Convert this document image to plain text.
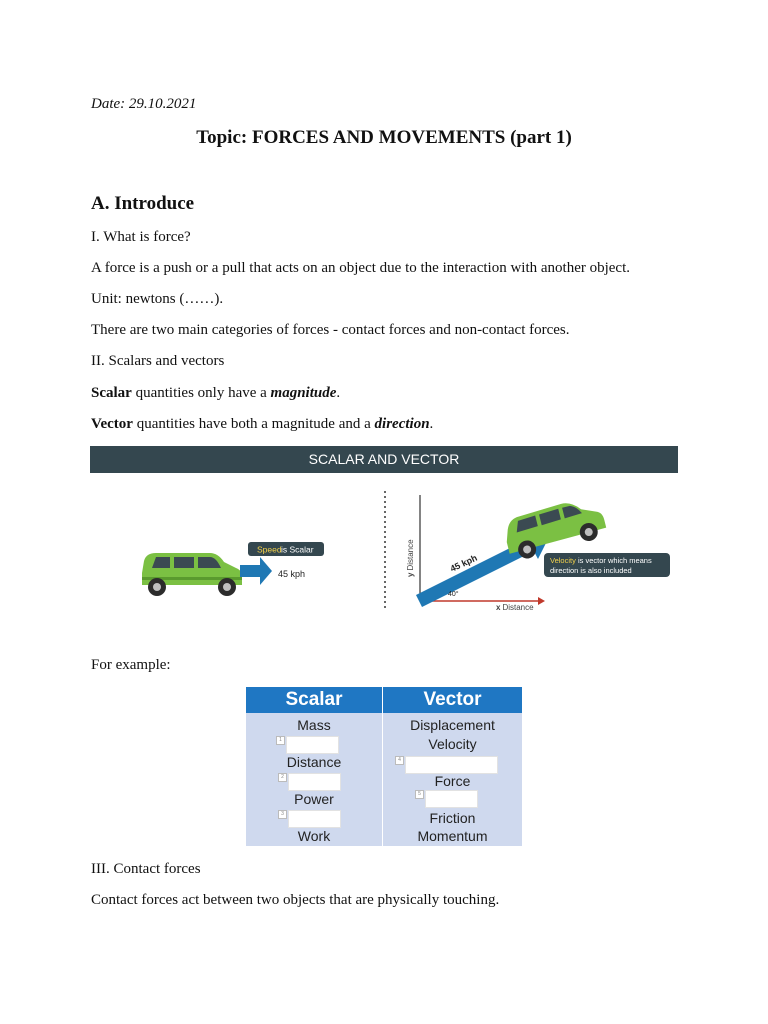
Date: 29.10.2021
Topic: FORCES AND MOVEMENTS (part 1)
A. Introduce
I. What is force?
A force is a push or a pull that acts on an object due to the interaction with another object.
Unit: newtons (……).
There are two main categories of forces - contact forces and non-contact forces.
II. Scalars and vectors
Scalar quantities only have a magnitude.
Vector quantities have both a magnitude and a direction.
SCALAR AND VECTOR
Speed is Scalar
45 kph	yDistance
x Distance
45 kph
40°
Velocity is vector which means
direction is also included
For example:
Scalar	Vector
Mass
1
Distance
2
Power
3
Work
Displacement
Velocity
4
Force
5
Friction
Momentum
III. Contact forces
Contact forces act between two objects that are physically touching.
